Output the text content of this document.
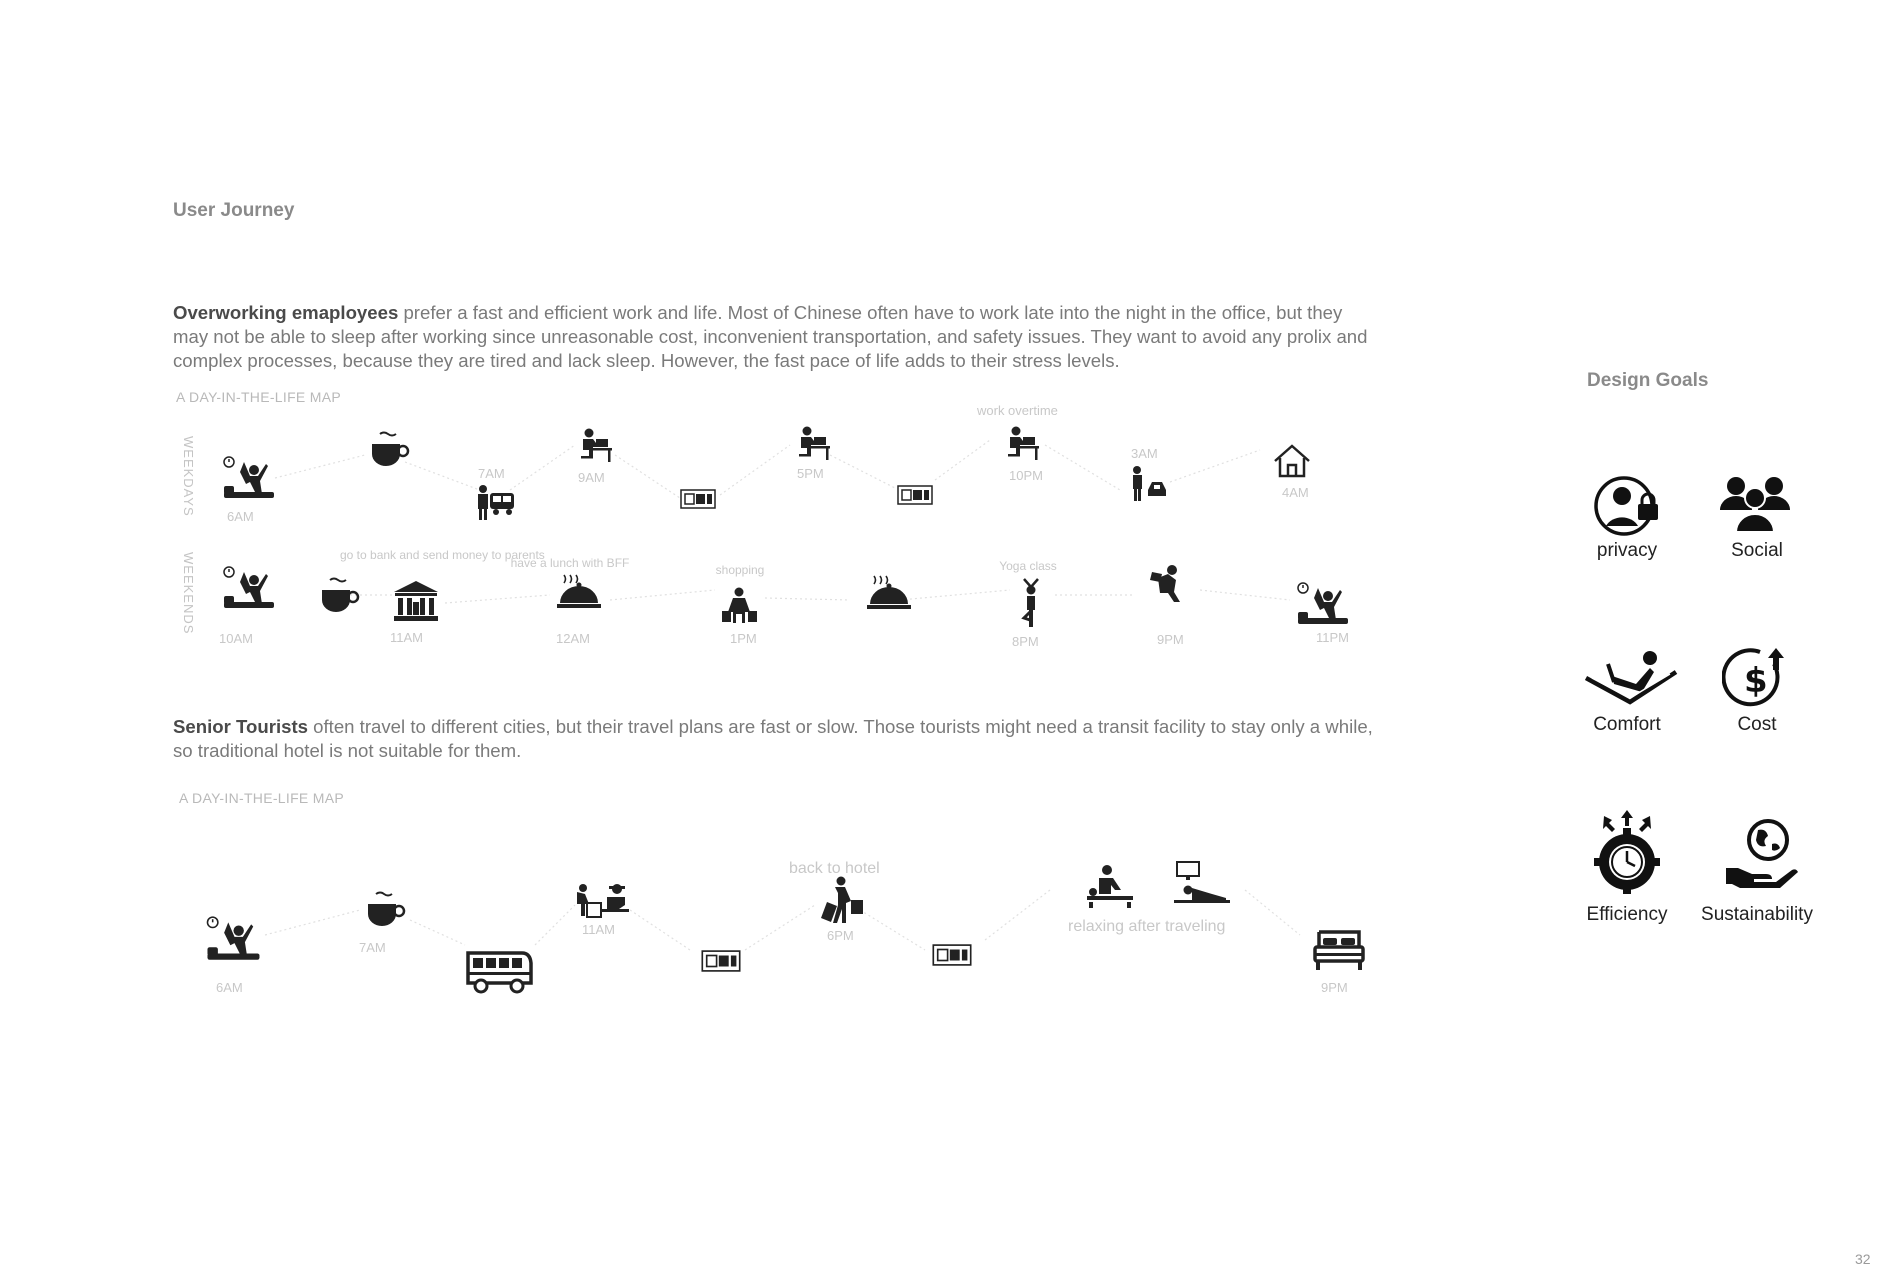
User Journey
Overworking emaployees prefer a fast and efficient work and life. Most of Chinese often have to work late into the night in the office, but they may not be able to sleep after working since unreasonable cost, inconvenient transportation, and safety issues. They want to avoid any prolix and complex processes, because they are tired and lack sleep. However, the fast pace of life adds to their stress levels.
A DAY-IN-THE-LIFE MAP
WEEKDAYS
WEEKENDS
6AM
7AM	9AM	5PM
work overtime
10PM
3AM
4AM
10AM
go to bank and send money to parents
11AM
have a lunch with BFF
12AM
shopping
1PM
Yoga class
8PM	9PM	11PM
Senior Tourists often travel to different cities, but their travel plans are fast or slow. Those tourists might need a transit facility to stay only a while, so traditional hotel is not suitable for them.
A DAY-IN-THE-LIFE MAP
6AM
7AM
11AM
back to hotel
6PM
relaxing after traveling
9PM
Design Goals
privacy	Social
Comfort
$
Cost
Efficiency	Sustainability
32
